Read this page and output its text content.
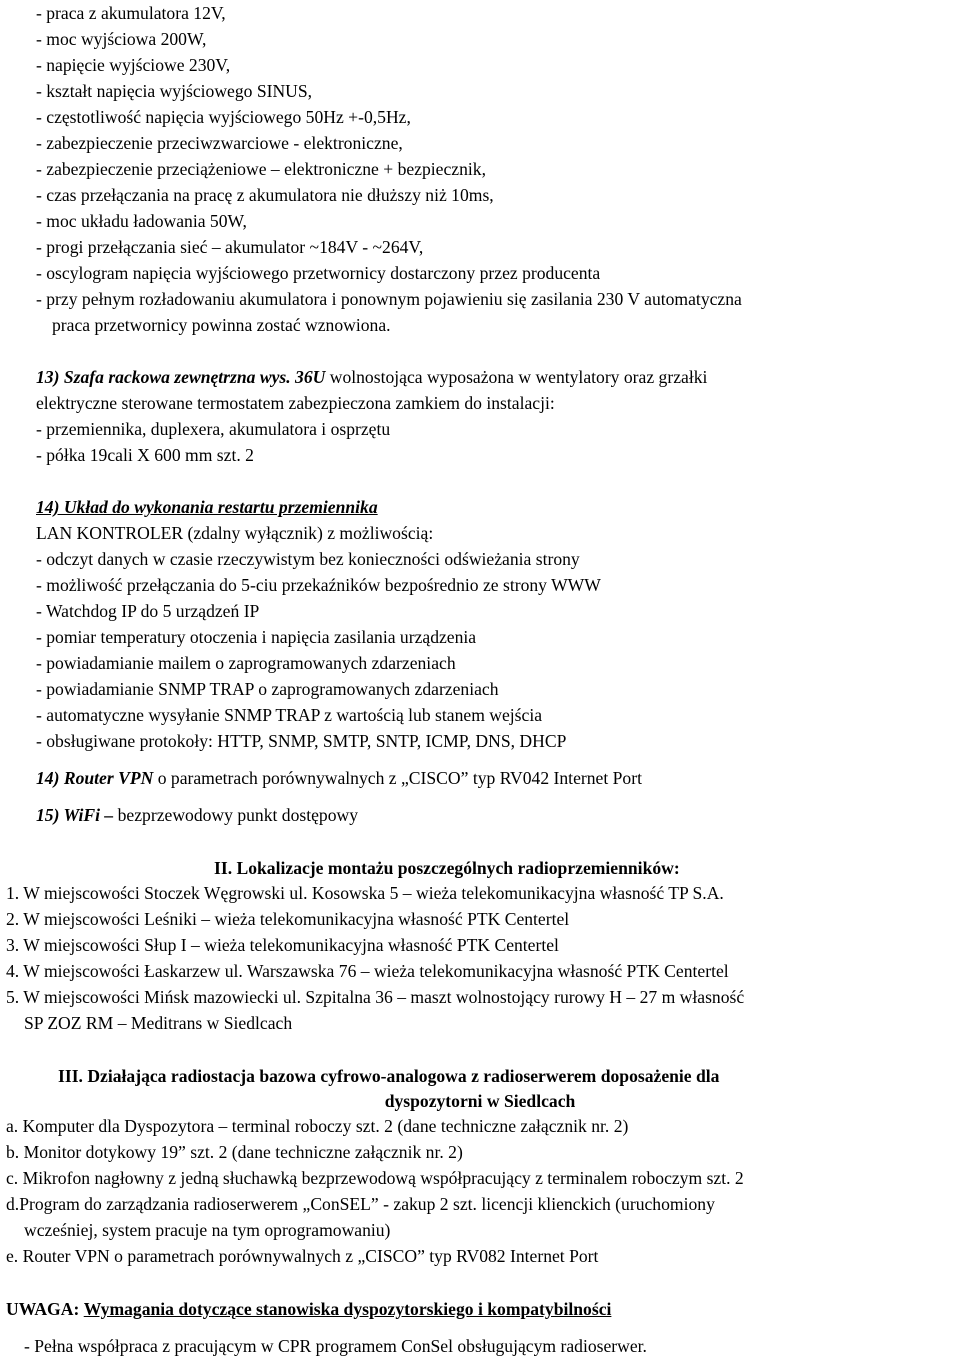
- praca z akumulatora 12V,

- moc wyjściowa 200W,

- napięcie wyjściowe 230V,

- kształt napięcia wyjściowego SINUS,

- częstotliwość napięcia wyjściowego 50Hz +-0,5Hz,

- zabezpieczenie przeciwzwarciowe - elektroniczne,

- zabezpieczenie przeciążeniowe – elektroniczne + bezpiecznik,

- czas przełączania na pracę z akumulatora nie dłuższy niż 10ms,

- moc układu ładowania 50W,

- progi przełączania sieć – akumulator ~184V - ~264V,

- oscylogram napięcia wyjściowego przetwornicy dostarczony przez producenta

- przy pełnym rozładowaniu akumulatora i ponownym pojawieniu się zasilania 230 V automatyczna

praca przetwornicy powinna zostać wznowiona.

13) Szafa rackowa zewnętrzna wys. 36U wolnostojąca wyposażona w wentylatory oraz grzałki

elektryczne sterowane termostatem zabezpieczona zamkiem do instalacji:

- przemiennika, duplexera, akumulatora i osprzętu

- półka 19cali X 600 mm szt. 2

14) Układ do wykonania restartu przemiennika

LAN KONTROLER (zdalny wyłącznik) z możliwością:

- odczyt danych w czasie rzeczywistym bez konieczności odświeżania strony

- możliwość przełączania do 5-ciu przekaźników bezpośrednio ze strony WWW

- Watchdog IP do 5 urządzeń IP

- pomiar temperatury otoczenia i napięcia zasilania urządzenia

- powiadamianie mailem o zaprogramowanych zdarzeniach

- powiadamianie SNMP TRAP o zaprogramowanych zdarzeniach

- automatyczne wysyłanie SNMP TRAP z wartością lub stanem wejścia

- obsługiwane protokoły: HTTP, SNMP, SMTP, SNTP, ICMP, DNS, DHCP

14) Router VPN o parametrach porównywalnych z „CISCO” typ RV042 Internet Port

15) WiFi – bezprzewodowy punkt dostępowy

II. Lokalizacje montażu poszczególnych radioprzemienników:

1. W miejscowości Stoczek Węgrowski ul. Kosowska 5 – wieża telekomunikacyjna własność TP S.A.

2. W miejscowości Leśniki – wieża telekomunikacyjna własność PTK Centertel

3. W miejscowości Słup I – wieża telekomunikacyjna własność PTK Centertel

4. W miejscowości Łaskarzew ul. Warszawska 76 – wieża telekomunikacyjna własność PTK Centertel

5. W miejscowości Mińsk mazowiecki ul. Szpitalna 36 – maszt wolnostojący rurowy H – 27 m własność

SP ZOZ RM – Meditrans w Siedlcach

III. Działająca radiostacja bazowa cyfrowo-analogowa z radioserwerem doposażenie dla

dyspozytorni w Siedlcach

a. Komputer dla Dyspozytora – terminal roboczy szt. 2 (dane techniczne załącznik nr. 2)

b. Monitor dotykowy 19” szt. 2 (dane techniczne załącznik nr. 2)

c. Mikrofon nagłowny z jedną słuchawką bezprzewodową współpracujący z terminalem roboczym szt. 2

d.Program do zarządzania radioserwerem „ConSEL” - zakup 2 szt. licencji klienckich (uruchomiony

wcześniej, system pracuje na tym oprogramowaniu)

e. Router VPN o parametrach porównywalnych z „CISCO” typ RV082 Internet Port

UWAGA: Wymagania dotyczące stanowiska dyspozytorskiego i kompatybilności

- Pełna współpraca z pracującym w CPR programem ConSel obsługującym radioserwer.
